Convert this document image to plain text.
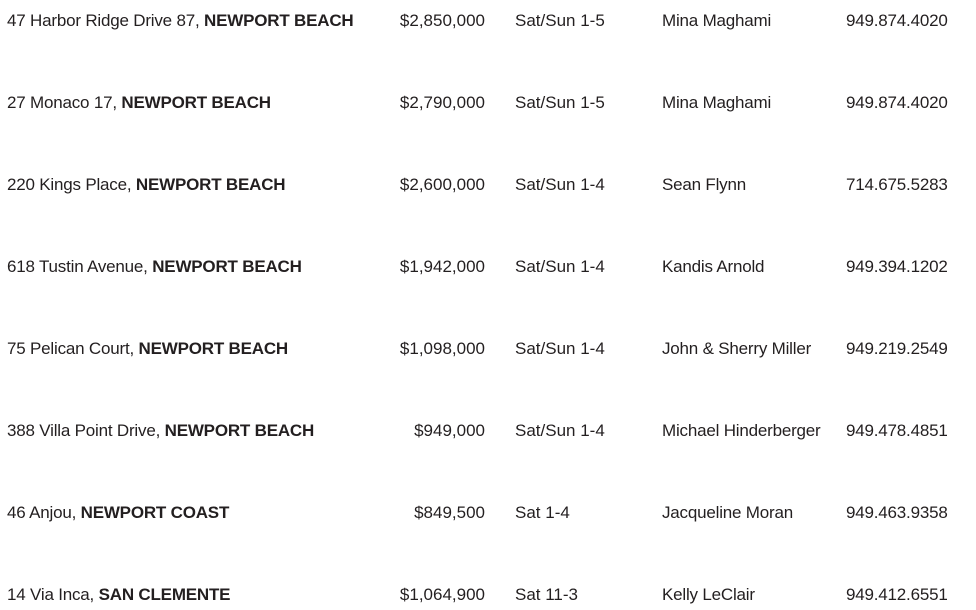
47 Harbor Ridge Drive 87, NEWPORT BEACH	$2,850,000 Sat/Sun 1-5	Mina Maghami	949.874.4020
27 Monaco 17, NEWPORT BEACH	$2,790,000 Sat/Sun 1-5	Mina Maghami	949.874.4020
220 Kings Place, NEWPORT BEACH	$2,600,000 Sat/Sun 1-4	Sean Flynn	714.675.5283
618 Tustin Avenue, NEWPORT BEACH	$1,942,000 Sat/Sun 1-4	Kandis Arnold	949.394.1202
75 Pelican Court, NEWPORT BEACH	$1,098,000 Sat/Sun 1-4	John & Sherry Miller	949.219.2549
388 Villa Point Drive, NEWPORT BEACH	$949,000 Sat/Sun 1-4	Michael Hinderberger	949.478.4851
46 Anjou, NEWPORT COAST	$849,500 Sat 1-4	Jacqueline Moran	949.463.9358
14 Via Inca, SAN CLEMENTE	$1,064,900 Sat 11-3	Kelly LeClair	949.412.6551
